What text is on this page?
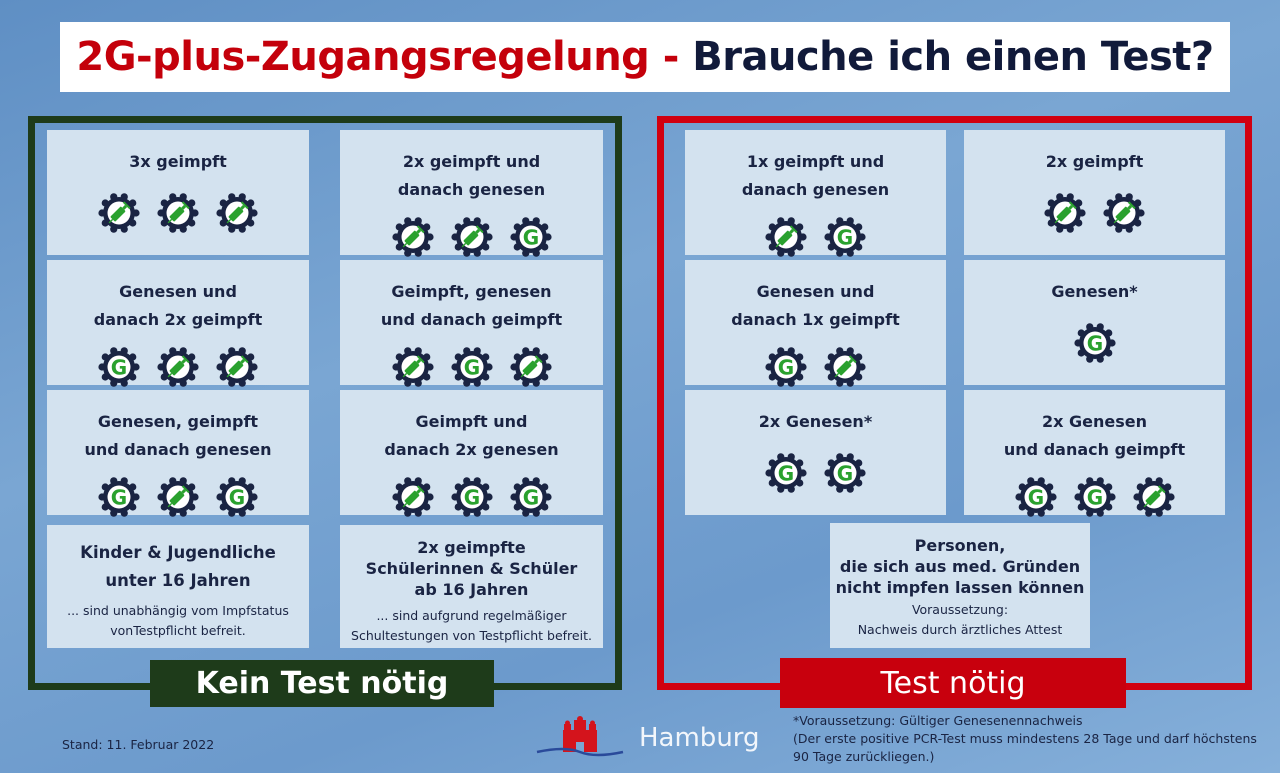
2G-plus-Zugangsregelung -
Brauche ich einen Test?
3x geimpft	2x geimpft und
danach genesen
G
Genesen und
danach 2x geimpft
G
Geimpft, genesen
und danach geimpft
G
Genesen, geimpft
und danach genesen
G	G
Geimpft und
danach 2x genesen
G G
Kinder & Jugendliche
unter 16 Jahren
... sind unabhängig vom Impfstatus
vonTestpflicht befreit.
2x geimpfte
Schülerinnen & Schüler
ab 16 Jahren
... sind aufgrund regelmäßiger
Schultestungen von Testpflicht befreit.
1x geimpft und
danach genesen
G
2x geimpft
Genesen und
danach 1x geimpft
G
Genesen*
G
2x Genesen*
G G
2x Genesen
und danach geimpft
G G
Personen,
die sich aus med. Gründen
nicht impfen lassen können
Voraussetzung:
Nachweis durch ärztliches Attest
Kein Test nötig	Test nötig
Stand: 11. Februar 2022	Hamburg
*Voraussetzung: Gültiger Genesenennachweis
(Der erste positive PCR-Test muss mindestens 28 Tage und darf höchstens
90 Tage zurückliegen.)
